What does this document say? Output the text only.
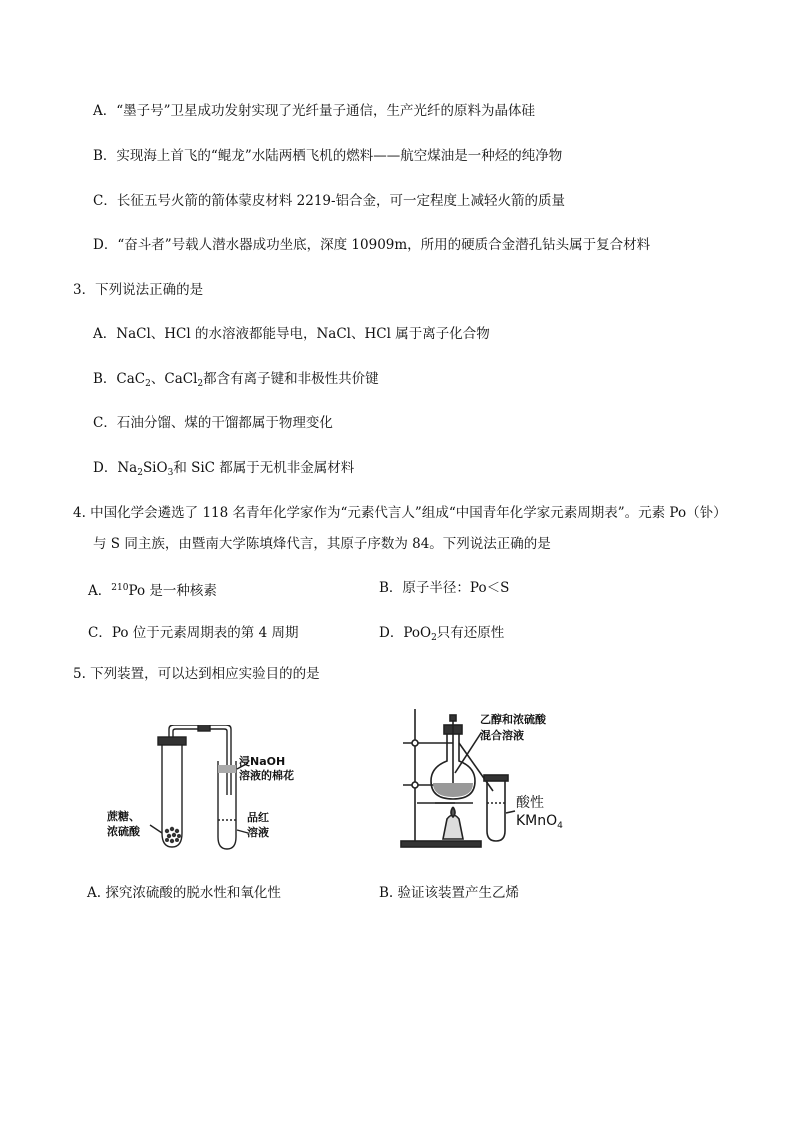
A．“墨子号”卫星成功发射实现了光纤量子通信，生产光纤的原料为晶体硅
B．实现海上首飞的“鲲龙”水陆两栖飞机的燃料——航空煤油是一种烃的纯净物
C．长征五号火箭的箭体蒙皮材料 2219-铝合金，可一定程度上减轻火箭的质量
D．“奋斗者”号载人潜水器成功坐底，深度 10909m，所用的硬质合金潜孔钻头属于复合材料
3．下列说法正确的是
A．NaCl、HCl 的水溶液都能导电，NaCl、HCl 属于离子化合物
B．CaC$_2$、CaCl$_2$都含有离子键和非极性共价键
C．石油分馏、煤的干馏都属于物理变化
D．$Na_2SiO_3$和 SiC 都属于无机非金属材料
4. 中国化学会遴选了 118 名青年化学家作为“元素代言人”组成“中国青年化学家元素周期表”。元素 Po（钋）
与 S 同主族，由暨南大学陈填烽代言，其原子序数为 84。下列说法正确的是
A．$^{210}$Po 是一种核素	B．原子半径：Po＜S
C．Po 位于元素周期表的第 4 周期	D．PoO$_2$只有还原性
5. 下列装置，可以达到相应实验目的的是
浸NaOH
溶液的棉花
蔗糖、
浓硫酸
品红
溶液
A. 探究浓硫酸的脱水性和氧化性
乙醇和浓硫酸
混合溶液
酸性
KMnO$_4$
B. 验证该装置产生乙烯
